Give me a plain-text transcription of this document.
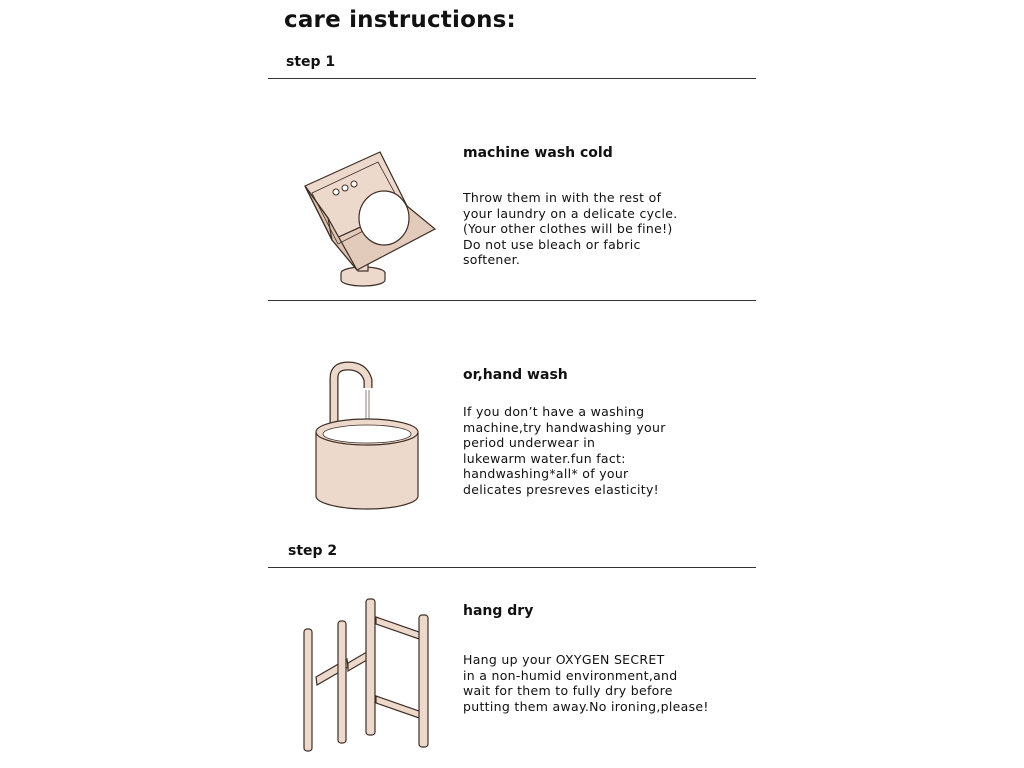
care instructions:
step 1
machine wash cold
Throw them in with the rest of
your laundry on a delicate cycle.
(Your other clothes will be fine!)
Do not use bleach or fabric
softener.
or,hand wash
If you don’t have a washing
machine,try handwashing your
period underwear in
lukewarm water.fun fact:
handwashing*all* of your
delicates presreves elasticity!
step 2
hang dry
Hang up your OXYGEN SECRET
in a non-humid environment,and
wait for them to fully dry before
putting them away.No ironing,please!
